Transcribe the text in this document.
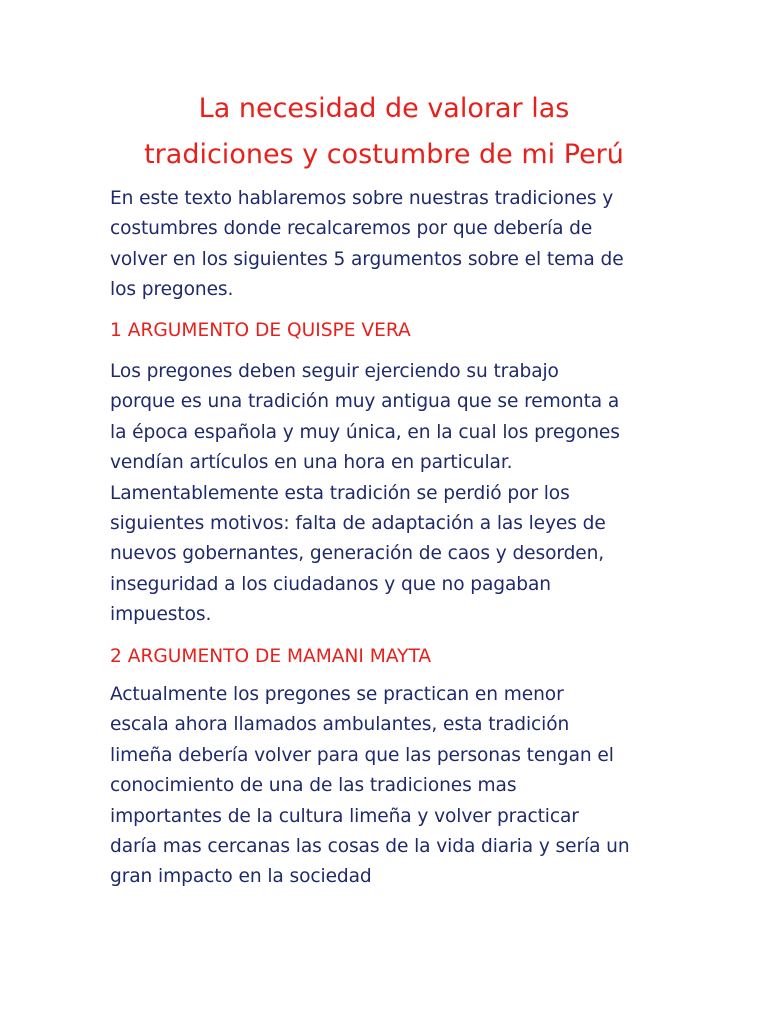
La necesidad de valorar las
tradiciones y costumbre de mi Perú

En este texto hablaremos sobre nuestras tradiciones y
costumbres donde recalcaremos por que debería de
volver en los siguientes 5 argumentos sobre el tema de
los pregones.

1 ARGUMENTO DE QUISPE VERA

Los pregones deben seguir ejerciendo su trabajo
porque es una tradición muy antigua que se remonta a
la época española y muy única, en la cual los pregones
vendían artículos en una hora en particular.
Lamentablemente esta tradición se perdió por los
siguientes motivos: falta de adaptación a las leyes de
nuevos gobernantes, generación de caos y desorden,
inseguridad a los ciudadanos y que no pagaban
impuestos.

2 ARGUMENTO DE MAMANI MAYTA

Actualmente los pregones se practican en menor
escala ahora llamados ambulantes, esta tradición
limeña debería volver para que las personas tengan el
conocimiento de una de las tradiciones mas
importantes de la cultura limeña y volver practicar
daría mas cercanas las cosas de la vida diaria y sería un
gran impacto en la sociedad
